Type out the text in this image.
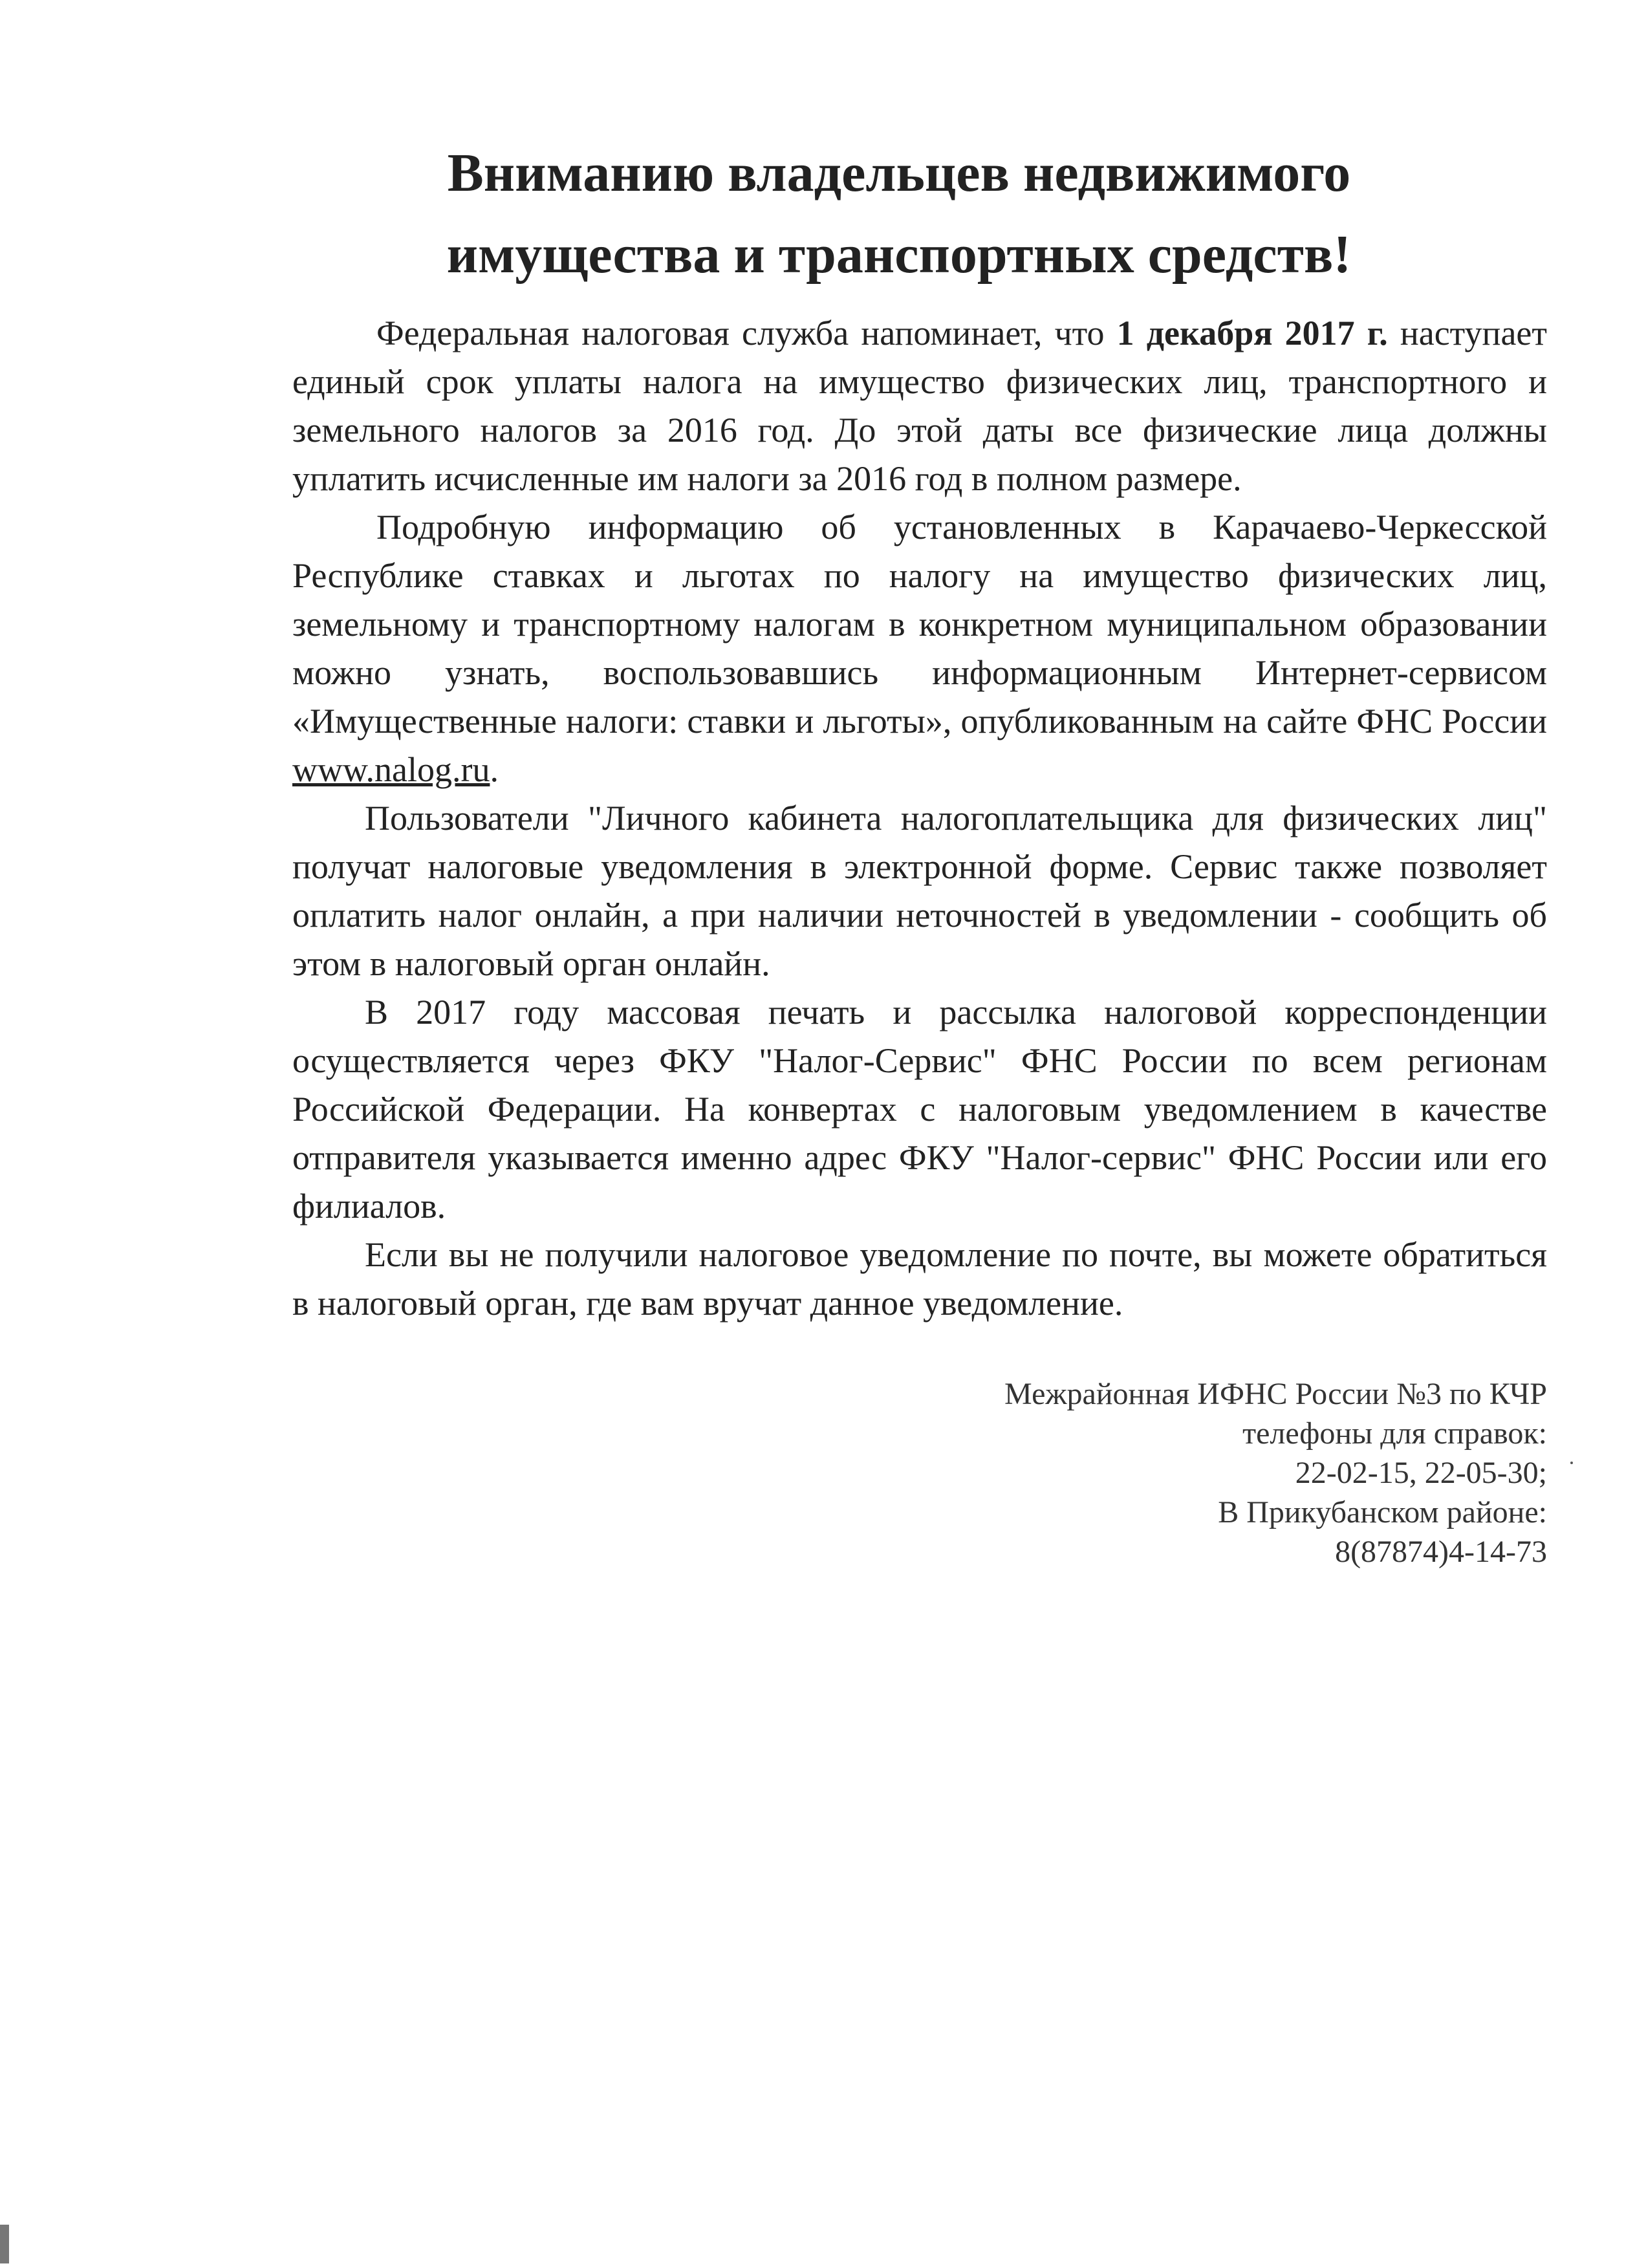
Вниманию владельцев недвижимого
имущества и транспортных средств!

Федеральная налоговая служба напоминает, что 1 декабря 2017 г. наступает единый срок уплаты налога на имущество физических лиц, транспортного и земельного налогов за 2016 год. До этой даты все физические лица должны уплатить исчисленные им налоги за 2016 год в полном размере.

Подробную информацию об установленных в Карачаево-Черкесской Республике ставках и льготах по налогу на имущество физических лиц, земельному и транспортному налогам в конкретном муниципальном образовании можно узнать, воспользовавшись информационным Интернет-сервисом «Имущественные налоги: ставки и льготы», опубликованным на сайте ФНС России www.nalog.ru.

Пользователи "Личного кабинета налогоплательщика для физических лиц" получат налоговые уведомления в электронной форме. Сервис также позволяет оплатить налог онлайн, а при наличии неточностей в уведомлении - сообщить об этом в налоговый орган онлайн.

В 2017 году массовая печать и рассылка налоговой корреспонденции осуществляется через ФКУ "Налог-Сервис" ФНС России по всем регионам Российской Федерации. На конвертах с налоговым уведомлением в качестве отправителя указывается именно адрес ФКУ "Налог-сервис" ФНС России или его филиалов.

Если вы не получили налоговое уведомление по почте, вы можете обратиться в налоговый орган, где вам вручат данное уведомление.

Межрайонная ИФНС России №3 по КЧР
телефоны для справок:
22-02-15, 22-05-30;
В Прикубанском районе:
8(87874)4-14-73
